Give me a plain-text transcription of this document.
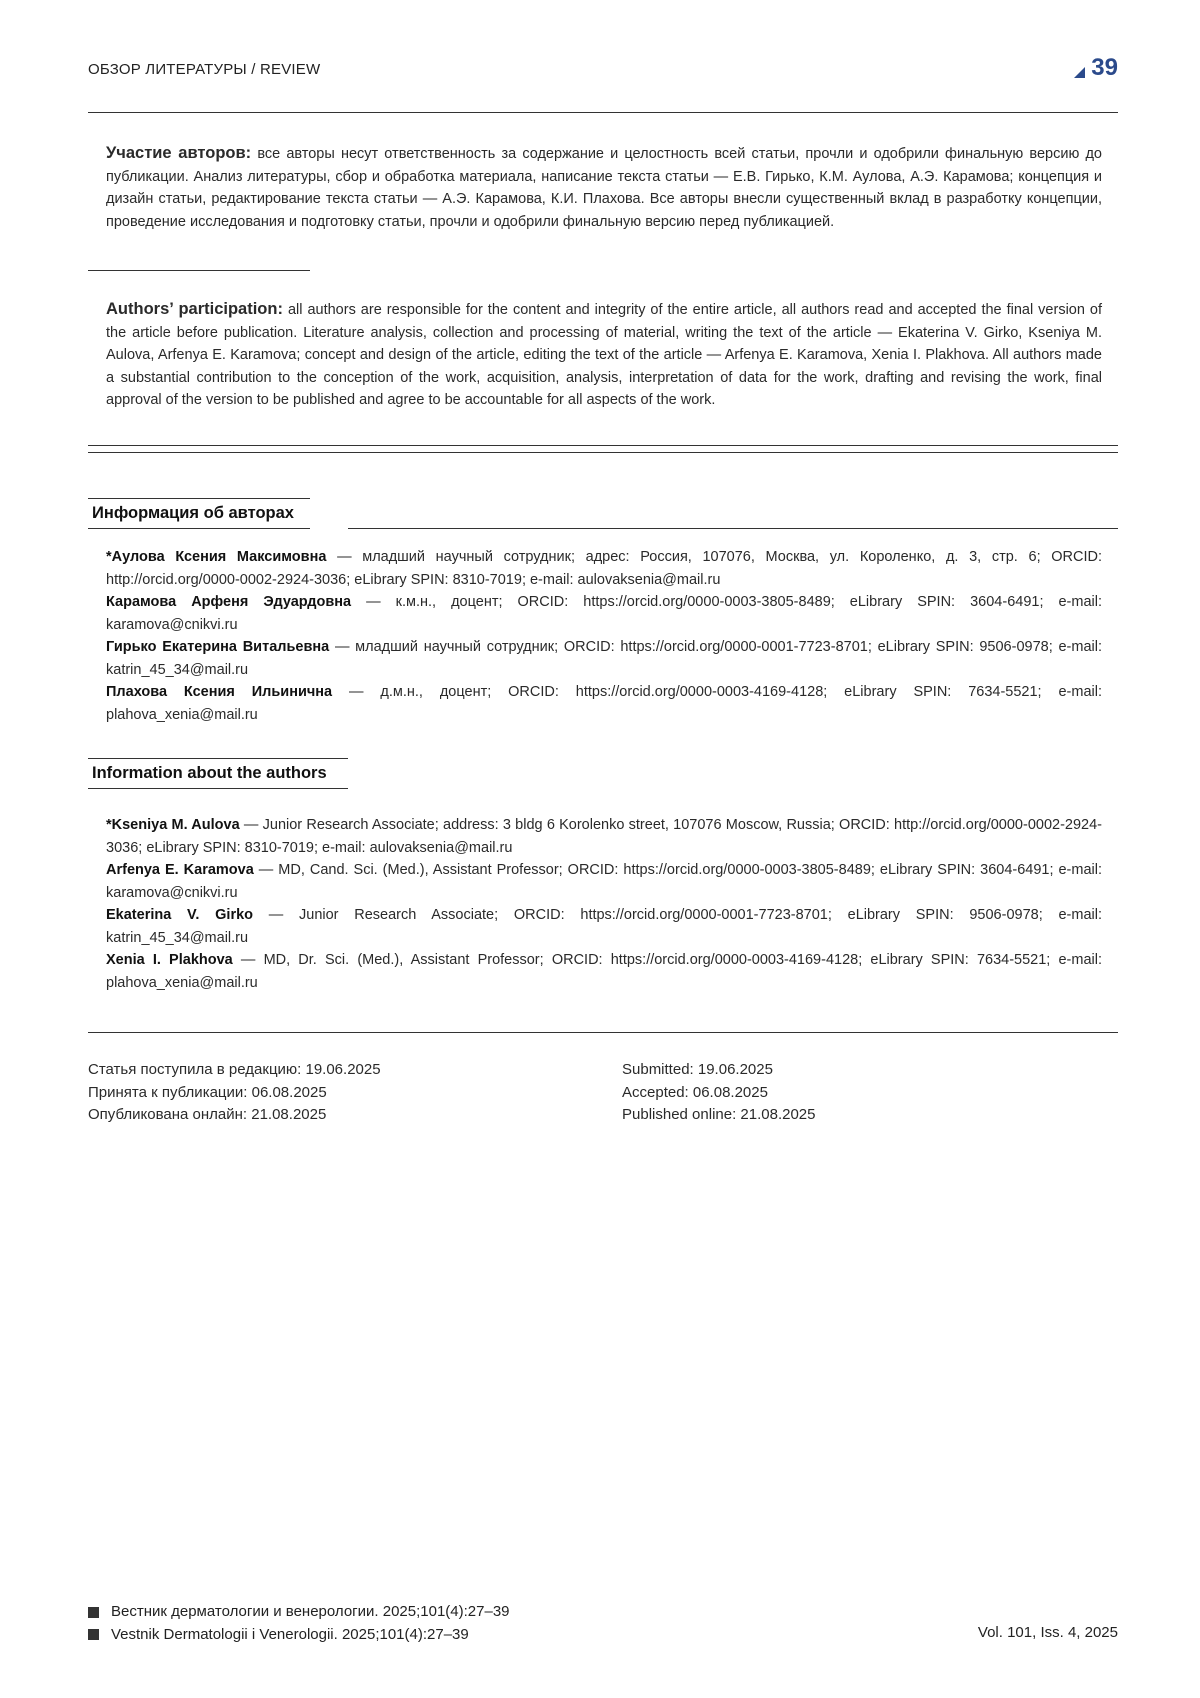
ОБЗОР ЛИТЕРАТУРЫ / REVIEW	39
Участие авторов: все авторы несут ответственность за содержание и целостность всей статьи, прочли и одобрили финальную версию до публикации. Анализ литературы, сбор и обработка материала, написание текста статьи — Е.В. Гирько, К.М. Аулова, А.Э. Карамова; концепция и дизайн статьи, редактирование текста статьи — А.Э. Карамова, К.И. Плахова. Все авторы внесли существенный вклад в разработку концепции, проведение исследования и подготовку статьи, прочли и одобрили финальную версию перед публикацией.
Authors’ participation: all authors are responsible for the content and integrity of the entire article, all authors read and accepted the final version of the article before publication. Literature analysis, collection and processing of material, writing the text of the article — Ekaterina V. Girko, Kseniya M. Aulova, Arfenya E. Karamova; concept and design of the article, editing the text of the article — Arfenya E. Karamova, Xenia I. Plakhova. All authors made a substantial contribution to the conception of the work, acquisition, analysis, interpretation of data for the work, drafting and revising the work, final approval of the version to be published and agree to be accountable for all aspects of the work.
Информация об авторах

*Аулова Ксения Максимовна — младший научный сотрудник; адрес: Россия, 107076, Москва, ул. Короленко, д. 3, стр. 6; ORCID: http://orcid.org/0000-0002-2924-3036; eLibrary SPIN: 8310-7019; e-mail: aulovaksenia@mail.ru

Карамова Арфеня Эдуардовна — к.м.н., доцент; ORCID: https://orcid.org/0000-0003-3805-8489; eLibrary SPIN: 3604-6491; e-mail: karamova@cnikvi.ru

Гирько Екатерина Витальевна — младший научный сотрудник; ORCID: https://orcid.org/0000-0001-7723-8701; eLibrary SPIN: 9506-0978; e-mail: katrin_45_34@mail.ru

Плахова Ксения Ильинична — д.м.н., доцент; ORCID: https://orcid.org/0000-0003-4169-4128; eLibrary SPIN: 7634-5521; e-mail: plahova_xenia@mail.ru

Information about the authors

*Kseniya M. Aulova — Junior Research Associate; address: 3 bldg 6 Korolenko street, 107076 Moscow, Russia; ORCID: http://orcid.org/0000-0002-2924-3036; eLibrary SPIN: 8310-7019; e-mail: aulovaksenia@mail.ru

Arfenya E. Karamova — MD, Cand. Sci. (Med.), Assistant Professor; ORCID: https://orcid.org/0000-0003-3805-8489; eLibrary SPIN: 3604-6491; e-mail: karamova@cnikvi.ru

Ekaterina V. Girko — Junior Research Associate; ORCID: https://orcid.org/0000-0001-7723-8701; eLibrary SPIN: 9506-0978; e-mail: katrin_45_34@mail.ru

Xenia I. Plakhova — MD, Dr. Sci. (Med.), Assistant Professor; ORCID: https://orcid.org/0000-0003-4169-4128; eLibrary SPIN: 7634-5521; e-mail: plahova_xenia@mail.ru

Статья поступила в редакцию: 19.06.2025
Принята к публикации: 06.08.2025
Опубликована онлайн: 21.08.2025
Submitted: 19.06.2025
Accepted: 06.08.2025
Published online: 21.08.2025
Вестник дерматологии и венерологии. 2025;101(4):27–39
Vestnik Dermatologii i Venerologii. 2025;101(4):27–39	Vol. 101, Iss. 4, 2025
